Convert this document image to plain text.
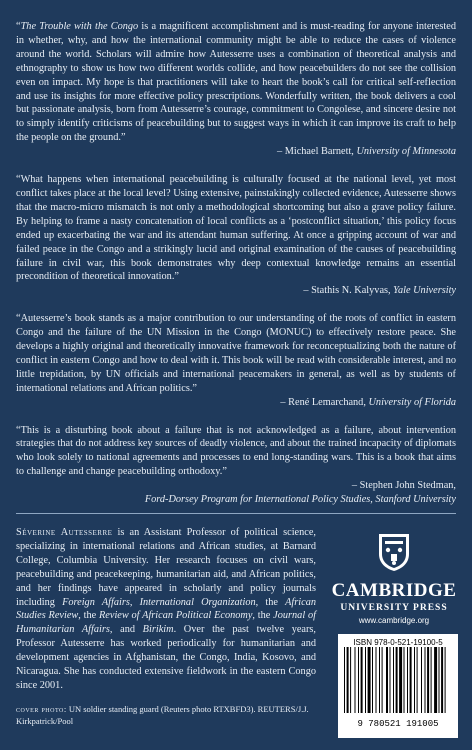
“The Trouble with the Congo is a magnificent accomplishment and is must-reading for anyone interested in whether, why, and how the international community might be able to reduce the cases of violence around the world. Scholars will admire how Autesserre uses a combination of theoretical analysis and ethnography to show us how two different worlds collide, and how peacebuilders do not see the collision even on impact. My hope is that practitioners will take to heart the book’s call for critical self-reflection and use its insights for more effective policy prescriptions. Wonderfully written, the book delivers a cool but passionate analysis, born from Autesserre’s courage, commitment to Congolese, and sincere desire not to simply identify criticisms of peacebuilding but to suggest ways in which it can improve its craft to help the people on the ground.”

– Michael Barnett, University of Minnesota

“What happens when international peacebuilding is culturally focused at the national level, yet most conflict takes place at the local level? Using extensive, painstakingly collected evidence, Autesserre shows that the macro-micro mismatch is not only a methodological shortcoming but also a grave policy failure. By helping to frame a nasty concatenation of local conflicts as a ‘postconflict situation,’ this policy focus ended up exacerbating the war and its attendant human suffering. At once a gripping account of war and failed peace in the Congo and a strikingly lucid and original examination of the causes of peacebuilding failure in civil war, this book demonstrates why deep contextual knowledge remains an essential precondition of theoretical innovation.”

– Stathis N. Kalyvas, Yale University

“Autesserre’s book stands as a major contribution to our understanding of the roots of conflict in eastern Congo and the failure of the UN Mission in the Congo (MONUC) to effectively restore peace. She develops a highly original and theoretically innovative framework for reconceptualizing both the nature of conflict in eastern Congo and how to deal with it. This book will be read with considerable interest, and no little trepidation, by UN officials and international peacemakers in general, as well as by students of international relations and African politics.”

– René Lemarchand, University of Florida

“This is a disturbing book about a failure that is not acknowledged as a failure, about intervention strategies that do not address key sources of deadly violence, and about the trained incapacity of diplomats who look solely to national agreements and processes to end long-standing wars. This is a book that aims to challenge and change peacebuilding orthodoxy.”

– Stephen John Stedman,

Ford-Dorsey Program for International Policy Studies, Stanford University

Séverine Autesserre is an Assistant Professor of political science, specializing in international relations and African studies, at Barnard College, Columbia University. Her research focuses on civil wars, peacebuilding and peacekeeping, humanitarian aid, and African politics, and her findings have appeared in scholarly and policy journals including Foreign Affairs, International Organization, the African Studies Review, the Review of African Political Economy, the Journal of Humanitarian Affairs, and Birikim. Over the past twelve years, Professor Autesserre has worked periodically for humanitarian and development agencies in Afghanistan, the Congo, India, Kosovo, and Nicaragua. She has conducted extensive fieldwork in the eastern Congo since 2001.

cover photo: UN soldier standing guard (Reuters photo RTXBFD3). REUTERS/J.J. Kirkpatrick/Pool
CAMBRIDGE
UNIVERSITY PRESS
www.cambridge.org
ISBN 978-0-521-19100-5
9 780521 191005
